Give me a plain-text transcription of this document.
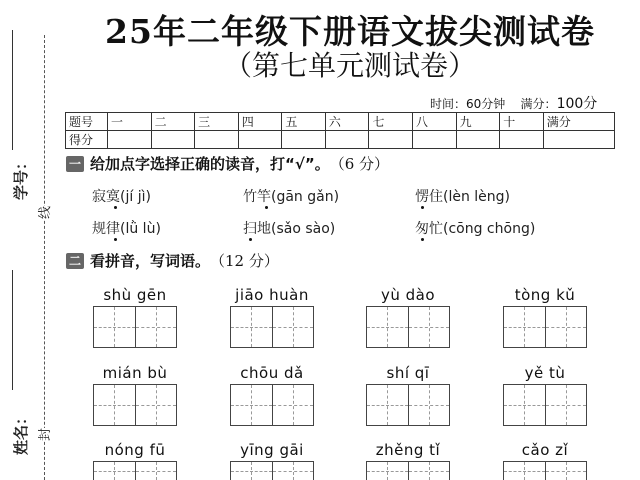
学号：
姓名：
线
封
25年二年级下册语文拔尖测试卷
（第七单元测试卷）
时间：60分钟 满分：100分
题号	一	二	三	四	五	六	七	八	九	十	满分
得分											
一 给加点字选择正确的读音，打“√”。 （6 分）
寂寞(jí jì)	竹竿(gān gǎn)	愣住(lèn lèng)
规律(lǜ lù)	扫地(sǎo sào)	匆忙(cōng chōng)
二 看拼音，写词语。 （12 分）
shù gēn	jiāo huàn	yù dào	tòng kǔ
mián bù	chōu dǎ	shí qī	yě tù
nóng fū	yīng gāi	zhěng tǐ	cǎo zǐ
